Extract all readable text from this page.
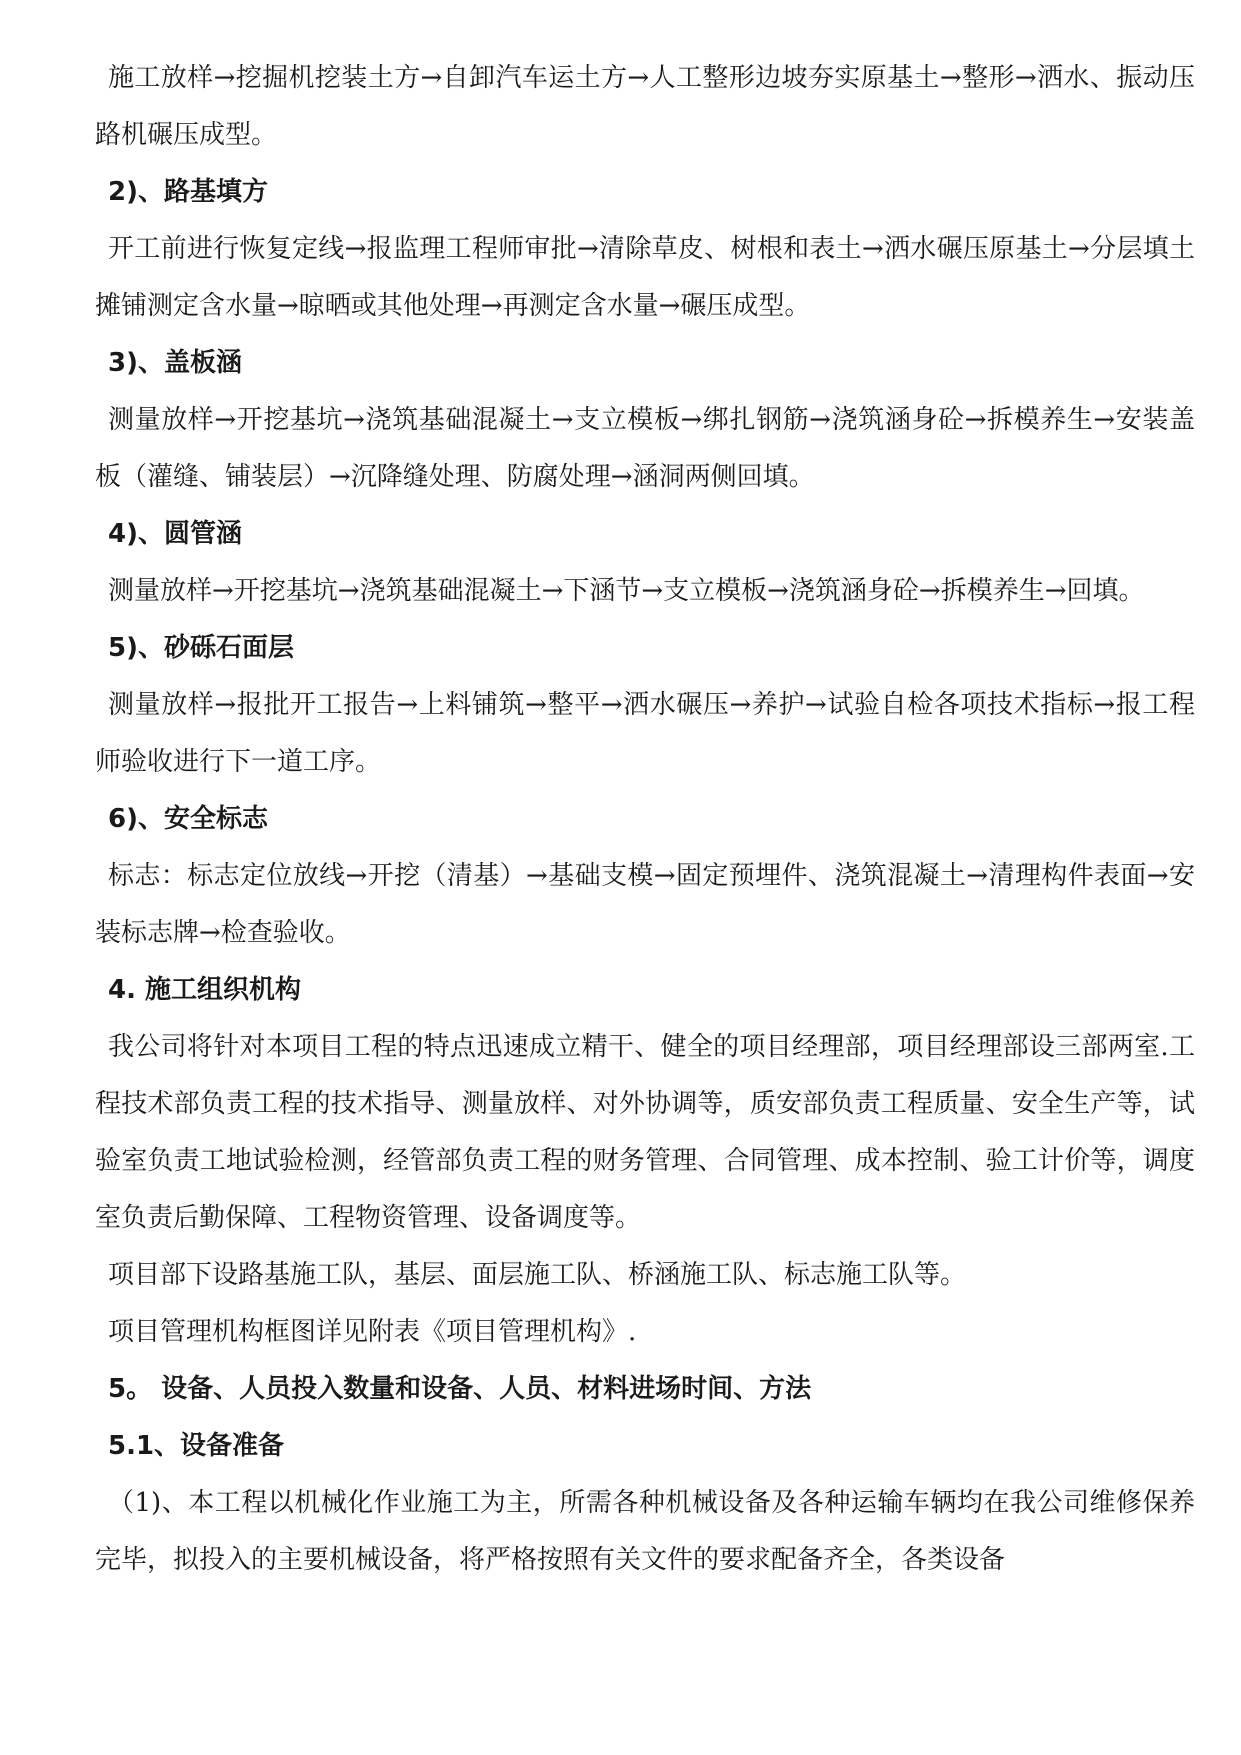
施工放样→挖掘机挖装土方→自卸汽车运土方→人工整形边坡夯实原基土→整形→洒水、振动压路机碾压成型。

2)、路基填方

开工前进行恢复定线→报监理工程师审批→清除草皮、树根和表土→洒水碾压原基土→分层填土摊铺测定含水量→晾晒或其他处理→再测定含水量→碾压成型。

3)、盖板涵

测量放样→开挖基坑→浇筑基础混凝土→支立模板→绑扎钢筋→浇筑涵身砼→拆模养生→安装盖板（灌缝、铺装层）→沉降缝处理、防腐处理→涵洞两侧回填。

4)、圆管涵

测量放样→开挖基坑→浇筑基础混凝土→下涵节→支立模板→浇筑涵身砼→拆模养生→回填。

5)、砂砾石面层

测量放样→报批开工报告→上料铺筑→整平→洒水碾压→养护→试验自检各项技术指标→报工程师验收进行下一道工序。

6)、安全标志

标志：标志定位放线→开挖（清基）→基础支模→固定预埋件、浇筑混凝土→清理构件表面→安装标志牌→检查验收。

4. 施工组织机构

我公司将针对本项目工程的特点迅速成立精干、健全的项目经理部，项目经理部设三部两室.工程技术部负责工程的技术指导、测量放样、对外协调等，质安部负责工程质量、安全生产等，试验室负责工地试验检测，经管部负责工程的财务管理、合同管理、成本控制、验工计价等，调度室负责后勤保障、工程物资管理、设备调度等。

项目部下设路基施工队，基层、面层施工队、桥涵施工队、标志施工队等。

项目管理机构框图详见附表《项目管理机构》.

5。 设备、人员投入数量和设备、人员、材料进场时间、方法

5.1、设备准备

（1)、本工程以机械化作业施工为主，所需各种机械设备及各种运输车辆均在我公司维修保养完毕，拟投入的主要机械设备，将严格按照有关文件的要求配备齐全，各类设备
